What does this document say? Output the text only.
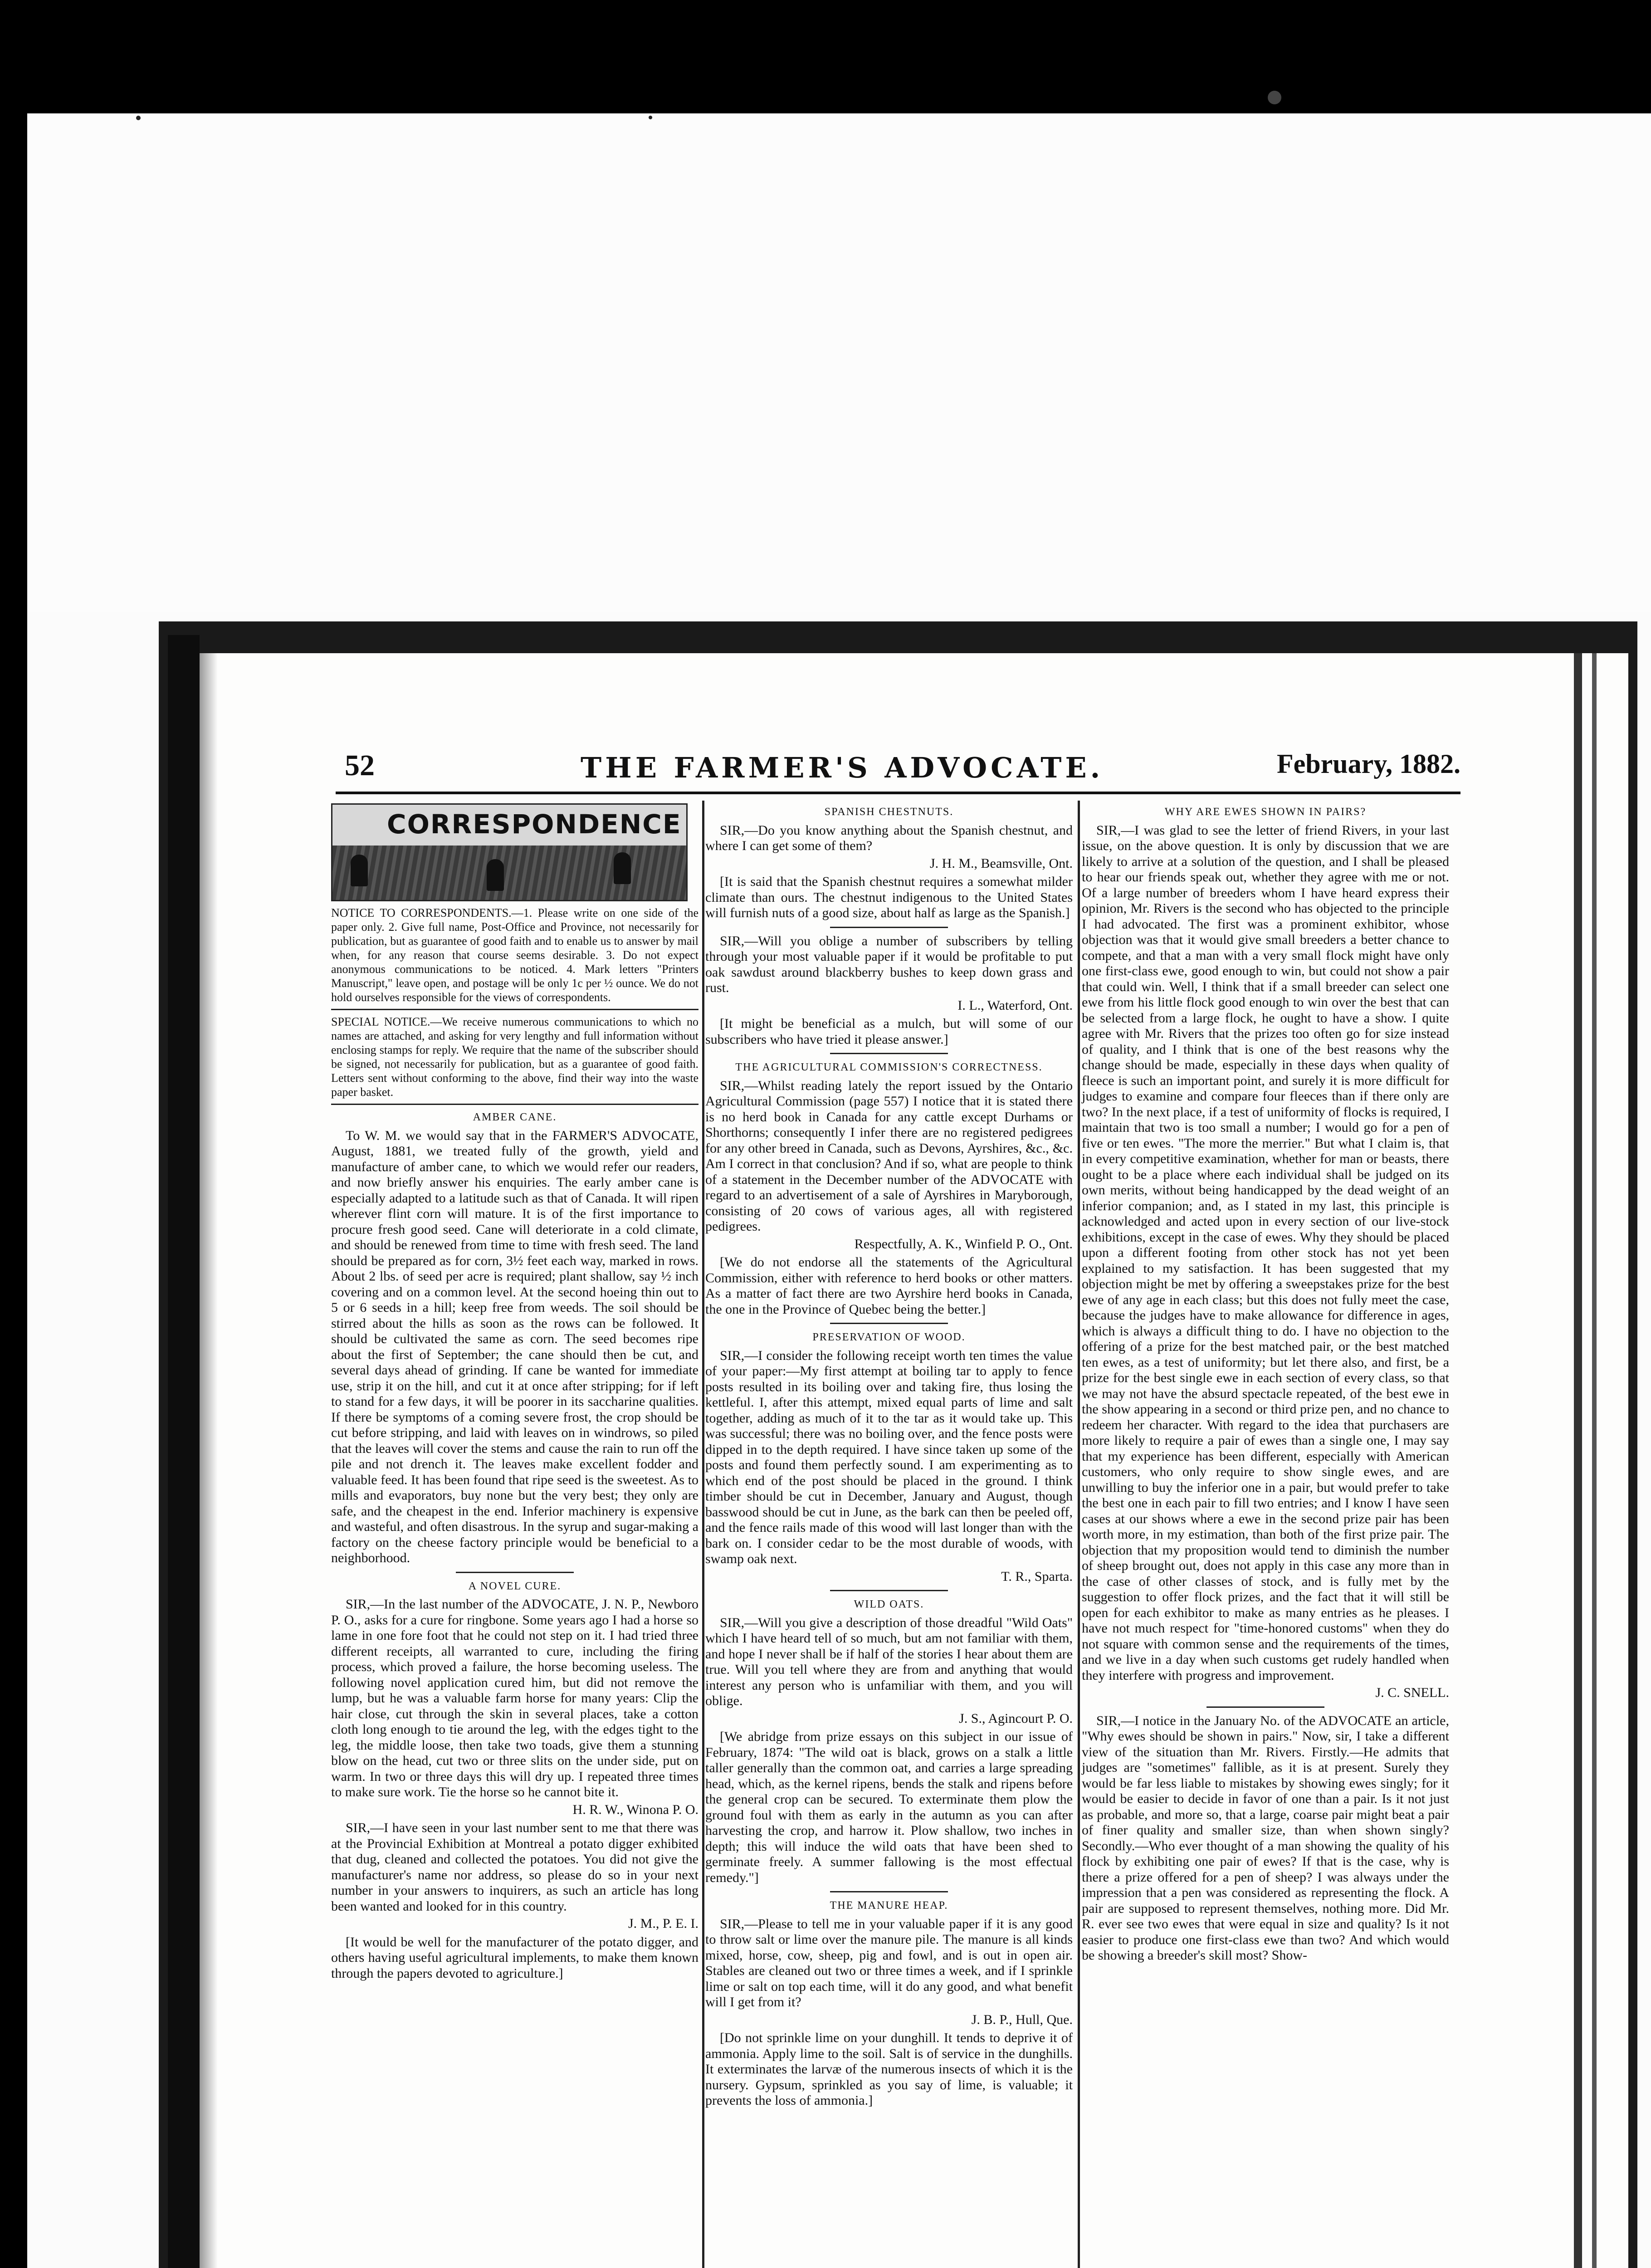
52	THE FARMER'S ADVOCATE.	February, 1882.
CORRESPONDENCE
NOTICE TO CORRESPONDENTS.—1. Please write on one side of the paper only. 2. Give full name, Post-Office and Province, not necessarily for publication, but as guarantee of good faith and to enable us to answer by mail when, for any reason that course seems desirable. 3. Do not expect anonymous communications to be noticed. 4. Mark letters "Printers Manuscript," leave open, and postage will be only 1c per ½ ounce. We do not hold ourselves responsible for the views of correspondents.
SPECIAL NOTICE.—We receive numerous communications to which no names are attached, and asking for very lengthy and full information without enclosing stamps for reply. We require that the name of the subscriber should be signed, not necessarily for publication, but as a guarantee of good faith. Letters sent without conforming to the above, find their way into the waste paper basket.
AMBER CANE.

To W. M. we would say that in the FARMER'S ADVOCATE, August, 1881, we treated fully of the growth, yield and manufacture of amber cane, to which we would refer our readers, and now briefly answer his enquiries. The early amber cane is especially adapted to a latitude such as that of Canada. It will ripen wherever flint corn will mature. It is of the first importance to procure fresh good seed. Cane will deteriorate in a cold climate, and should be renewed from time to time with fresh seed. The land should be prepared as for corn, 3½ feet each way, marked in rows. About 2 lbs. of seed per acre is required; plant shallow, say ½ inch covering and on a common level. At the second hoeing thin out to 5 or 6 seeds in a hill; keep free from weeds. The soil should be stirred about the hills as soon as the rows can be followed. It should be cultivated the same as corn. The seed becomes ripe about the first of September; the cane should then be cut, and several days ahead of grinding. If cane be wanted for immediate use, strip it on the hill, and cut it at once after stripping; for if left to stand for a few days, it will be poorer in its saccharine qualities. If there be symptoms of a coming severe frost, the crop should be cut before stripping, and laid with leaves on in windrows, so piled that the leaves will cover the stems and cause the rain to run off the pile and not drench it. The leaves make excellent fodder and valuable feed. It has been found that ripe seed is the sweetest. As to mills and evaporators, buy none but the very best; they only are safe, and the cheapest in the end. Inferior machinery is expensive and wasteful, and often disastrous. In the syrup and sugar-making a factory on the cheese factory principle would be beneficial to a neighborhood.

A NOVEL CURE.

SIR,—In the last number of the ADVOCATE, J. N. P., Newboro P. O., asks for a cure for ringbone. Some years ago I had a horse so lame in one fore foot that he could not step on it. I had tried three different receipts, all warranted to cure, including the firing process, which proved a failure, the horse becoming useless. The following novel application cured him, but did not remove the lump, but he was a valuable farm horse for many years: Clip the hair close, cut through the skin in several places, take a cotton cloth long enough to tie around the leg, with the edges tight to the leg, the middle loose, then take two toads, give them a stunning blow on the head, cut two or three slits on the under side, put on warm. In two or three days this will dry up. I repeated three times to make sure work. Tie the horse so he cannot bite it.

H. R. W., Winona P. O.

SIR,—I have seen in your last number sent to me that there was at the Provincial Exhibition at Montreal a potato digger exhibited that dug, cleaned and collected the potatoes. You did not give the manufacturer's name nor address, so please do so in your next number in your answers to inquirers, as such an article has long been wanted and looked for in this country.

J. M., P. E. I.

[It would be well for the manufacturer of the potato digger, and others having useful agricultural implements, to make them known through the papers devoted to agriculture.]

SPANISH CHESTNUTS.

SIR,—Do you know anything about the Spanish chestnut, and where I can get some of them?

J. H. M., Beamsville, Ont.

[It is said that the Spanish chestnut requires a somewhat milder climate than ours. The chestnut indigenous to the United States will furnish nuts of a good size, about half as large as the Spanish.]

SIR,—Will you oblige a number of subscribers by telling through your most valuable paper if it would be profitable to put oak sawdust around blackberry bushes to keep down grass and rust.

I. L., Waterford, Ont.

[It might be beneficial as a mulch, but will some of our subscribers who have tried it please answer.]

THE AGRICULTURAL COMMISSION'S CORRECTNESS.

SIR,—Whilst reading lately the report issued by the Ontario Agricultural Commission (page 557) I notice that it is stated there is no herd book in Canada for any cattle except Durhams or Shorthorns; consequently I infer there are no registered pedigrees for any other breed in Canada, such as Devons, Ayrshires, &c., &c. Am I correct in that conclusion? And if so, what are people to think of a statement in the December number of the ADVOCATE with regard to an advertisement of a sale of Ayrshires in Maryborough, consisting of 20 cows of various ages, all with registered pedigrees.

Respectfully, A. K., Winfield P. O., Ont.

[We do not endorse all the statements of the Agricultural Commission, either with reference to herd books or other matters. As a matter of fact there are two Ayrshire herd books in Canada, the one in the Province of Quebec being the better.]

PRESERVATION OF WOOD.

SIR,—I consider the following receipt worth ten times the value of your paper:—My first attempt at boiling tar to apply to fence posts resulted in its boiling over and taking fire, thus losing the kettleful. I, after this attempt, mixed equal parts of lime and salt together, adding as much of it to the tar as it would take up. This was successful; there was no boiling over, and the fence posts were dipped in to the depth required. I have since taken up some of the posts and found them perfectly sound. I am experimenting as to which end of the post should be placed in the ground. I think timber should be cut in December, January and August, though basswood should be cut in June, as the bark can then be peeled off, and the fence rails made of this wood will last longer than with the bark on. I consider cedar to be the most durable of woods, with swamp oak next.

T. R., Sparta.

WILD OATS.

SIR,—Will you give a description of those dreadful "Wild Oats" which I have heard tell of so much, but am not familiar with them, and hope I never shall be if half of the stories I hear about them are true. Will you tell where they are from and anything that would interest any person who is unfamiliar with them, and you will oblige.

J. S., Agincourt P. O.

[We abridge from prize essays on this subject in our issue of February, 1874: "The wild oat is black, grows on a stalk a little taller generally than the common oat, and carries a large spreading head, which, as the kernel ripens, bends the stalk and ripens before the general crop can be secured. To exterminate them plow the ground foul with them as early in the autumn as you can after harvesting the crop, and harrow it. Plow shallow, two inches in depth; this will induce the wild oats that have been shed to germinate freely. A summer fallowing is the most effectual remedy."]

THE MANURE HEAP.

SIR,—Please to tell me in your valuable paper if it is any good to throw salt or lime over the manure pile. The manure is all kinds mixed, horse, cow, sheep, pig and fowl, and is out in open air. Stables are cleaned out two or three times a week, and if I sprinkle lime or salt on top each time, will it do any good, and what benefit will I get from it?

J. B. P., Hull, Que.

[Do not sprinkle lime on your dunghill. It tends to deprive it of ammonia. Apply lime to the soil. Salt is of service in the dunghills. It exterminates the larvæ of the numerous insects of which it is the nursery. Gypsum, sprinkled as you say of lime, is valuable; it prevents the loss of ammonia.]

WHY ARE EWES SHOWN IN PAIRS?

SIR,—I was glad to see the letter of friend Rivers, in your last issue, on the above question. It is only by discussion that we are likely to arrive at a solution of the question, and I shall be pleased to hear our friends speak out, whether they agree with me or not. Of a large number of breeders whom I have heard express their opinion, Mr. Rivers is the second who has objected to the principle I had advocated. The first was a prominent exhibitor, whose objection was that it would give small breeders a better chance to compete, and that a man with a very small flock might have only one first-class ewe, good enough to win, but could not show a pair that could win. Well, I think that if a small breeder can select one ewe from his little flock good enough to win over the best that can be selected from a large flock, he ought to have a show. I quite agree with Mr. Rivers that the prizes too often go for size instead of quality, and I think that is one of the best reasons why the change should be made, especially in these days when quality of fleece is such an important point, and surely it is more difficult for judges to examine and compare four fleeces than if there only are two? In the next place, if a test of uniformity of flocks is required, I maintain that two is too small a number; I would go for a pen of five or ten ewes. "The more the merrier." But what I claim is, that in every competitive examination, whether for man or beasts, there ought to be a place where each individual shall be judged on its own merits, without being handicapped by the dead weight of an inferior companion; and, as I stated in my last, this principle is acknowledged and acted upon in every section of our live-stock exhibitions, except in the case of ewes. Why they should be placed upon a different footing from other stock has not yet been explained to my satisfaction. It has been suggested that my objection might be met by offering a sweepstakes prize for the best ewe of any age in each class; but this does not fully meet the case, because the judges have to make allowance for difference in ages, which is always a difficult thing to do. I have no objection to the offering of a prize for the best matched pair, or the best matched ten ewes, as a test of uniformity; but let there also, and first, be a prize for the best single ewe in each section of every class, so that we may not have the absurd spectacle repeated, of the best ewe in the show appearing in a second or third prize pen, and no chance to redeem her character. With regard to the idea that purchasers are more likely to require a pair of ewes than a single one, I may say that my experience has been different, especially with American customers, who only require to show single ewes, and are unwilling to buy the inferior one in a pair, but would prefer to take the best one in each pair to fill two entries; and I know I have seen cases at our shows where a ewe in the second prize pair has been worth more, in my estimation, than both of the first prize pair. The objection that my proposition would tend to diminish the number of sheep brought out, does not apply in this case any more than in the case of other classes of stock, and is fully met by the suggestion to offer flock prizes, and the fact that it will still be open for each exhibitor to make as many entries as he pleases. I have not much respect for "time-honored customs" when they do not square with common sense and the requirements of the times, and we live in a day when such customs get rudely handled when they interfere with progress and improvement.

J. C. SNELL.

SIR,—I notice in the January No. of the ADVOCATE an article, "Why ewes should be shown in pairs." Now, sir, I take a different view of the situation than Mr. Rivers. Firstly.—He admits that judges are "sometimes" fallible, as it is at present. Surely they would be far less liable to mistakes by showing ewes singly; for it would be easier to decide in favor of one than a pair. Is it not just as probable, and more so, that a large, coarse pair might beat a pair of finer quality and smaller size, than when shown singly? Secondly.—Who ever thought of a man showing the quality of his flock by exhibiting one pair of ewes? If that is the case, why is there a prize offered for a pen of sheep? I was always under the impression that a pen was considered as representing the flock. A pair are supposed to represent themselves, nothing more. Did Mr. R. ever see two ewes that were equal in size and quality? Is it not easier to produce one first-class ewe than two? And which would be showing a breeder's skill most? Show-
